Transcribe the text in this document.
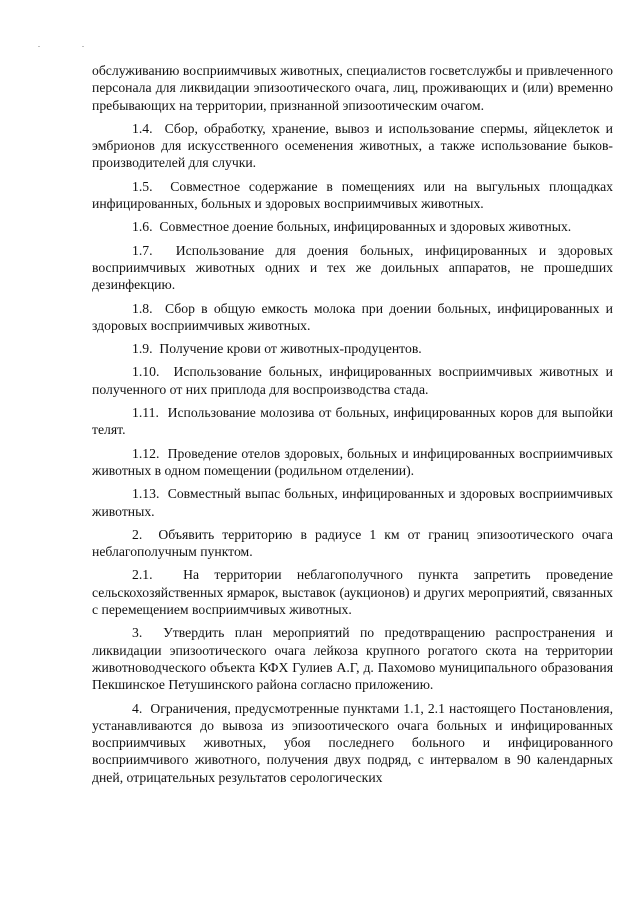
. .

обслуживанию восприимчивых животных, специалистов госветслужбы и привлеченного персонала для ликвидации эпизоотического очага, лиц, проживающих и (или) временно пребывающих на территории, признанной эпизоотическим очагом.

1.4. Сбор, обработку, хранение, вывоз и использование спермы, яйцеклеток и эмбрионов для искусственного осеменения животных, а также использование быков-производителей для случки.

1.5. Совместное содержание в помещениях или на выгульных площадках инфицированных, больных и здоровых восприимчивых животных.

1.6. Совместное доение больных, инфицированных и здоровых животных.

1.7. Использование для доения больных, инфицированных и здоровых восприимчивых животных одних и тех же доильных аппаратов, не прошедших дезинфекцию.

1.8. Сбор в общую емкость молока при доении больных, инфицированных и здоровых восприимчивых животных.

1.9. Получение крови от животных-продуцентов.

1.10. Использование больных, инфицированных восприимчивых животных и полученного от них приплода для воспроизводства стада.

1.11. Использование молозива от больных, инфицированных коров для выпойки телят.

1.12. Проведение отелов здоровых, больных и инфицированных восприимчивых животных в одном помещении (родильном отделении).

1.13. Совместный выпас больных, инфицированных и здоровых восприимчивых животных.

2. Объявить территорию в радиусе 1 км от границ эпизоотического очага неблагополучным пунктом.

2.1. На территории неблагополучного пункта запретить проведение сельскохозяйственных ярмарок, выставок (аукционов) и других мероприятий, связанных с перемещением восприимчивых животных.

3. Утвердить план мероприятий по предотвращению распространения и ликвидации эпизоотического очага лейкоза крупного рогатого скота на территории животноводческого объекта КФХ Гулиев А.Г, д. Пахомово муниципального образования Пекшинское Петушинского района согласно приложению.

4. Ограничения, предусмотренные пунктами 1.1, 2.1 настоящего Постановления, устанавливаются до вывоза из эпизоотического очага больных и инфицированных восприимчивых животных, убоя последнего больного и инфицированного восприимчивого животного, получения двух подряд, с интервалом в 90 календарных дней, отрицательных результатов серологических
